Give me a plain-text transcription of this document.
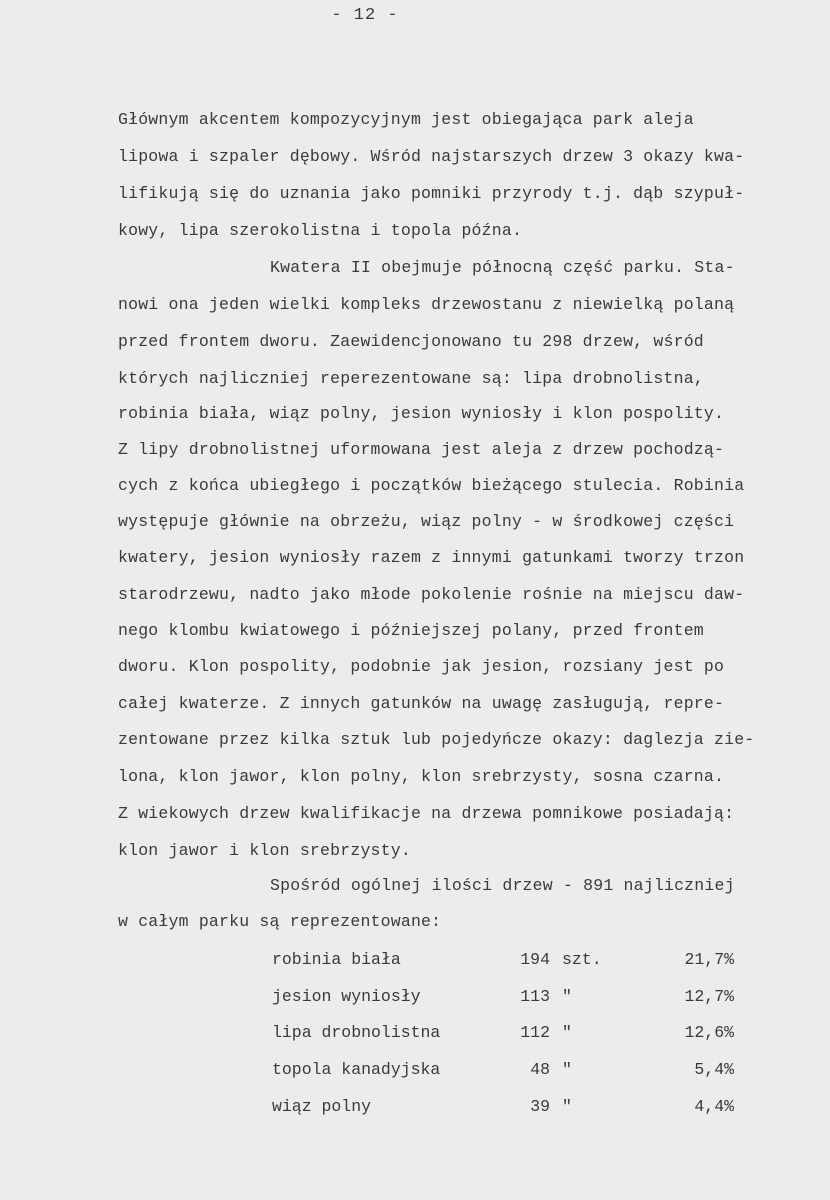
- 12 -
Głównym akcentem kompozycyjnym jest obiegająca park aleja
lipowa i szpaler dębowy. Wśród najstarszych drzew 3 okazy kwa-
lifikują się do uznania jako pomniki przyrody t.j. dąb szypuł-
kowy, lipa szerokolistna i topola późna.
Kwatera II obejmuje północną część parku. Sta-
nowi ona jeden wielki kompleks drzewostanu z niewielką polaną
przed frontem dworu. Zaewidencjonowano tu 298 drzew, wśród
których najliczniej reperezentowane są: lipa drobnolistna,
robinia biała, wiąz polny, jesion wyniosły i klon pospolity.
Z lipy drobnolistnej uformowana jest aleja z drzew pochodzą-
cych z końca ubiegłego i początków bieżącego stulecia. Robinia
występuje głównie na obrzeżu, wiąz polny - w środkowej części
kwatery, jesion wyniosły razem z innymi gatunkami tworzy trzon
starodrzewu, nadto jako młode pokolenie rośnie na miejscu daw-
nego klombu kwiatowego i późniejszej polany, przed frontem
dworu. Klon pospolity, podobnie jak jesion, rozsiany jest po
całej kwaterze. Z innych gatunków na uwagę zasługują, repre-
zentowane przez kilka sztuk lub pojedyńcze okazy: daglezja zie-
lona, klon jawor, klon polny, klon srebrzysty, sosna czarna.
Z wiekowych drzew kwalifikacje na drzewa pomnikowe posiadają:
klon jawor i klon srebrzysty.
Spośród ogólnej ilości drzew - 891 najliczniej
w całym parku są reprezentowane:
robinia biała	194 szt.	21,7%
jesion wyniosły	113 "	12,7%
lipa drobnolistna	112 "	12,6%
topola kanadyjska	48 "	5,4%
wiąz polny	39 "	4,4%
